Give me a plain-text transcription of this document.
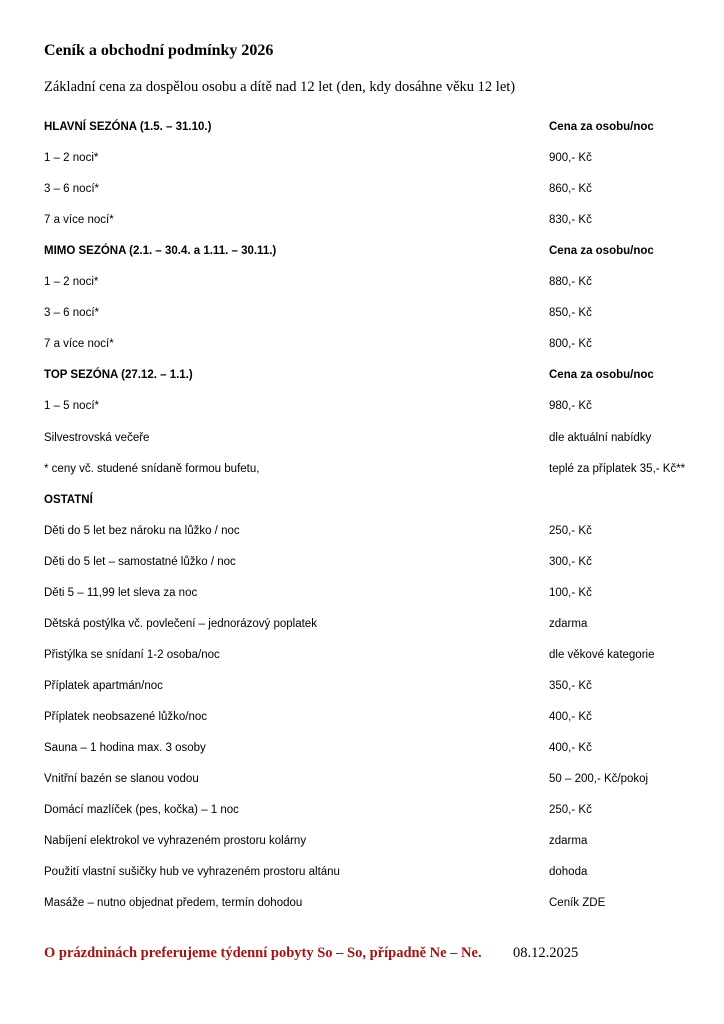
Ceník a obchodní podmínky 2026
Základní cena za dospělou osobu a dítě nad 12 let (den, kdy dosáhne věku 12 let)
HLAVNÍ SEZÓNA (1.5. – 31.10.)	Cena za osobu/noc
1 – 2 noci*	900,- Kč
3 – 6 nocí*	860,- Kč
7 a více nocí*	830,- Kč
MIMO SEZÓNA (2.1. – 30.4. a 1.11. – 30.11.)	Cena za osobu/noc
1 – 2 noci*	880,- Kč
3 – 6 nocí*	850,- Kč
7 a více nocí*	800,- Kč
TOP SEZÓNA (27.12. – 1.1.)	Cena za osobu/noc
1 – 5 nocí*	980,- Kč
Silvestrovská večeře	dle aktuální nabídky
* ceny vč. studené snídaně formou bufetu,	teplé za příplatek 35,- Kč**
OSTATNÍ
Děti do 5 let bez nároku na lůžko / noc	250,- Kč
Děti do 5 let – samostatné lůžko / noc	300,- Kč
Děti 5 – 11,99 let sleva za noc	100,- Kč
Dětská postýlka vč. povlečení – jednorázový poplatek	zdarma
Přistýlka se snídaní 1-2 osoba/noc	dle věkové kategorie
Příplatek apartmán/noc	350,- Kč
Příplatek neobsazené lůžko/noc	400,- Kč
Sauna – 1 hodina max. 3 osoby	400,- Kč
Vnitřní bazén se slanou vodou	50 – 200,- Kč/pokoj
Domácí mazlíček (pes, kočka) – 1 noc	250,- Kč
Nabíjení elektrokol ve vyhrazeném prostoru kolárny	zdarma
Použití vlastní sušičky hub ve vyhrazeném prostoru altánu	dohoda
Masáže – nutno objednat předem, termín dohodou	Ceník ZDE
O prázdninách preferujeme týdenní pobyty So – So, případně Ne – Ne. 08.12.2025
